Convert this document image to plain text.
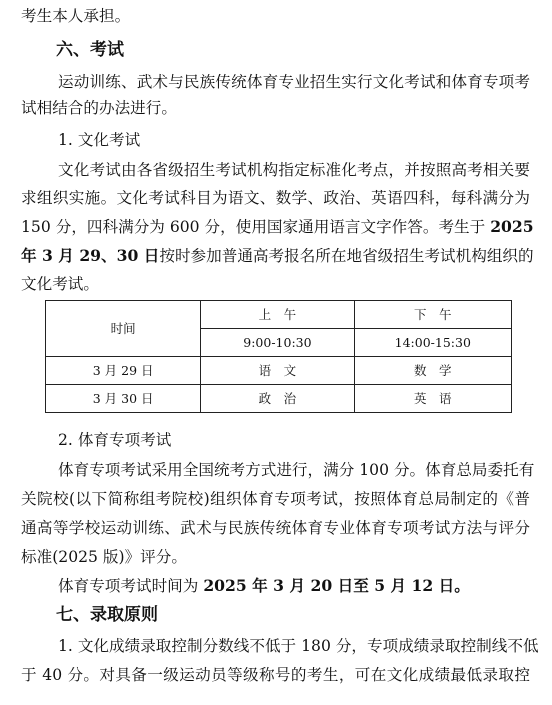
考生本人承担。
六、考试
运动训练、武术与民族传统体育专业招生实行文化考试和体育专项考
试相结合的办法进行。
1. 文化考试
文化考试由各省级招生考试机构指定标准化考点，并按照高考相关要
求组织实施。文化考试科目为语文、数学、政治、英语四科，每科满分为
150 分，四科满分为 600 分，使用国家通用语言文字作答。考生于 2025
年 3 月 29、30 日按时参加普通高考报名所在地省级招生考试机构组织的
文化考试。
时间	上　午	下　午
	9:00-10:30	14:00-15:30
3 月 29 日	语　文	数　学
3 月 30 日	政　治	英　语
2. 体育专项考试
体育专项考试采用全国统考方式进行，满分 100 分。体育总局委托有
关院校(以下简称组考院校)组织体育专项考试，按照体育总局制定的《普
通高等学校运动训练、武术与民族传统体育专业体育专项考试方法与评分
标准(2025 版)》评分。
体育专项考试时间为 2025 年 3 月 20 日至 5 月 12 日。
七、录取原则
1. 文化成绩录取控制分数线不低于 180 分，专项成绩录取控制线不低
于 40 分。对具备一级运动员等级称号的考生，可在文化成绩最低录取控
